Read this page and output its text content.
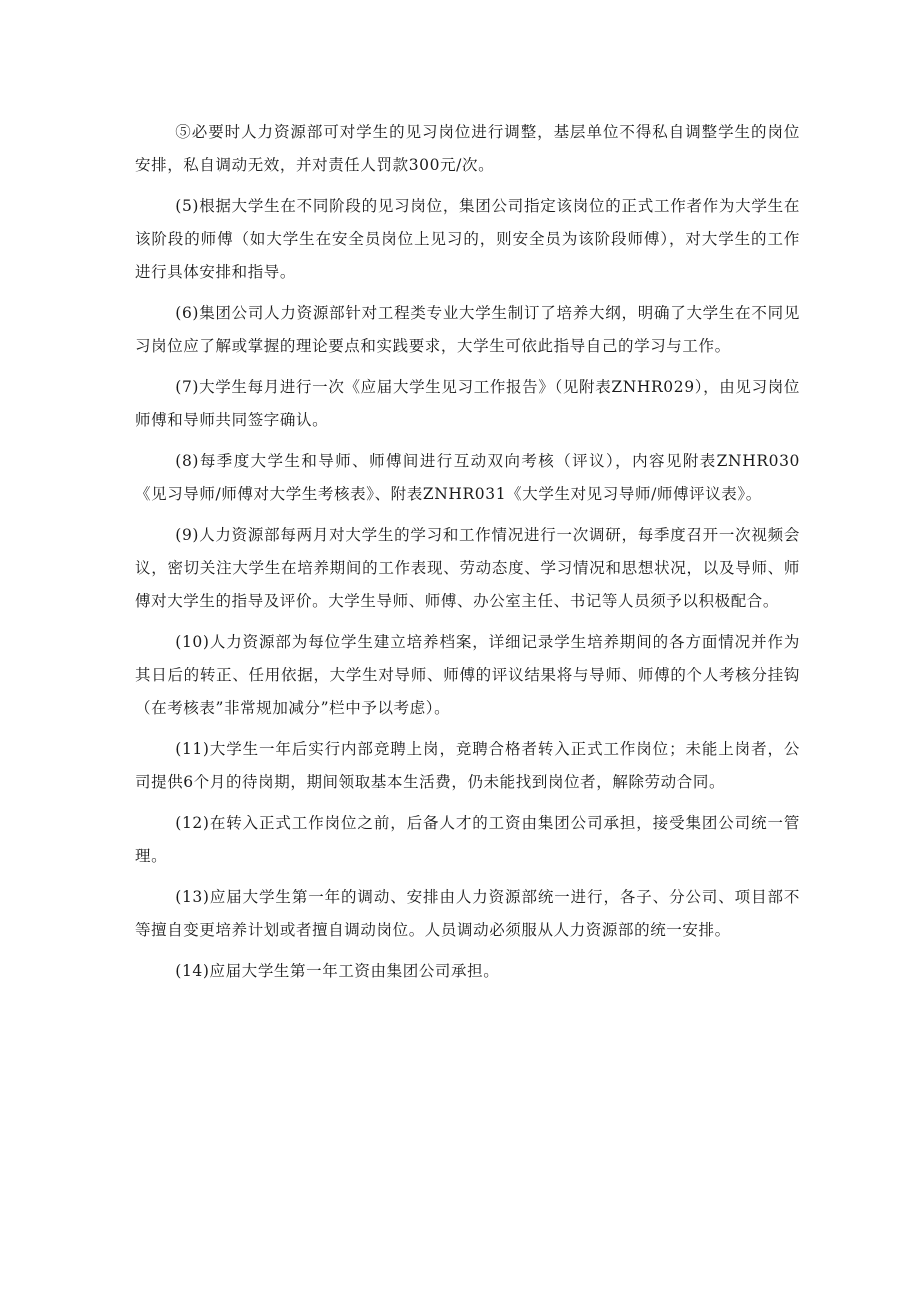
⑤必要时人力资源部可对学生的见习岗位进行调整，基层单位不得私自调整学生的岗位安排，私自调动无效，并对责任人罚款300元/次。

(5)根据大学生在不同阶段的见习岗位，集团公司指定该岗位的正式工作者作为大学生在该阶段的师傅（如大学生在安全员岗位上见习的，则安全员为该阶段师傅），对大学生的工作进行具体安排和指导。

(6)集团公司人力资源部针对工程类专业大学生制订了培养大纲，明确了大学生在不同见习岗位应了解或掌握的理论要点和实践要求，大学生可依此指导自己的学习与工作。

(7)大学生每月进行一次《应届大学生见习工作报告》（见附表ZNHR029），由见习岗位师傅和导师共同签字确认。

(8)每季度大学生和导师、师傅间进行互动双向考核（评议），内容见附表ZNHR030《见习导师/师傅对大学生考核表》、附表ZNHR031《大学生对见习导师/师傅评议表》。

(9)人力资源部每两月对大学生的学习和工作情况进行一次调研，每季度召开一次视频会议，密切关注大学生在培养期间的工作表现、劳动态度、学习情况和思想状况，以及导师、师傅对大学生的指导及评价。大学生导师、师傅、办公室主任、书记等人员须予以积极配合。

(10)人力资源部为每位学生建立培养档案，详细记录学生培养期间的各方面情况并作为其日后的转正、任用依据，大学生对导师、师傅的评议结果将与导师、师傅的个人考核分挂钩（在考核表”非常规加减分”栏中予以考虑）。

(11)大学生一年后实行内部竞聘上岗，竞聘合格者转入正式工作岗位；未能上岗者，公司提供6个月的待岗期，期间领取基本生活费，仍未能找到岗位者，解除劳动合同。

(12)在转入正式工作岗位之前，后备人才的工资由集团公司承担，接受集团公司统一管理。

(13)应届大学生第一年的调动、安排由人力资源部统一进行，各子、分公司、项目部不等擅自变更培养计划或者擅自调动岗位。人员调动必须服从人力资源部的统一安排。

(14)应届大学生第一年工资由集团公司承担。
